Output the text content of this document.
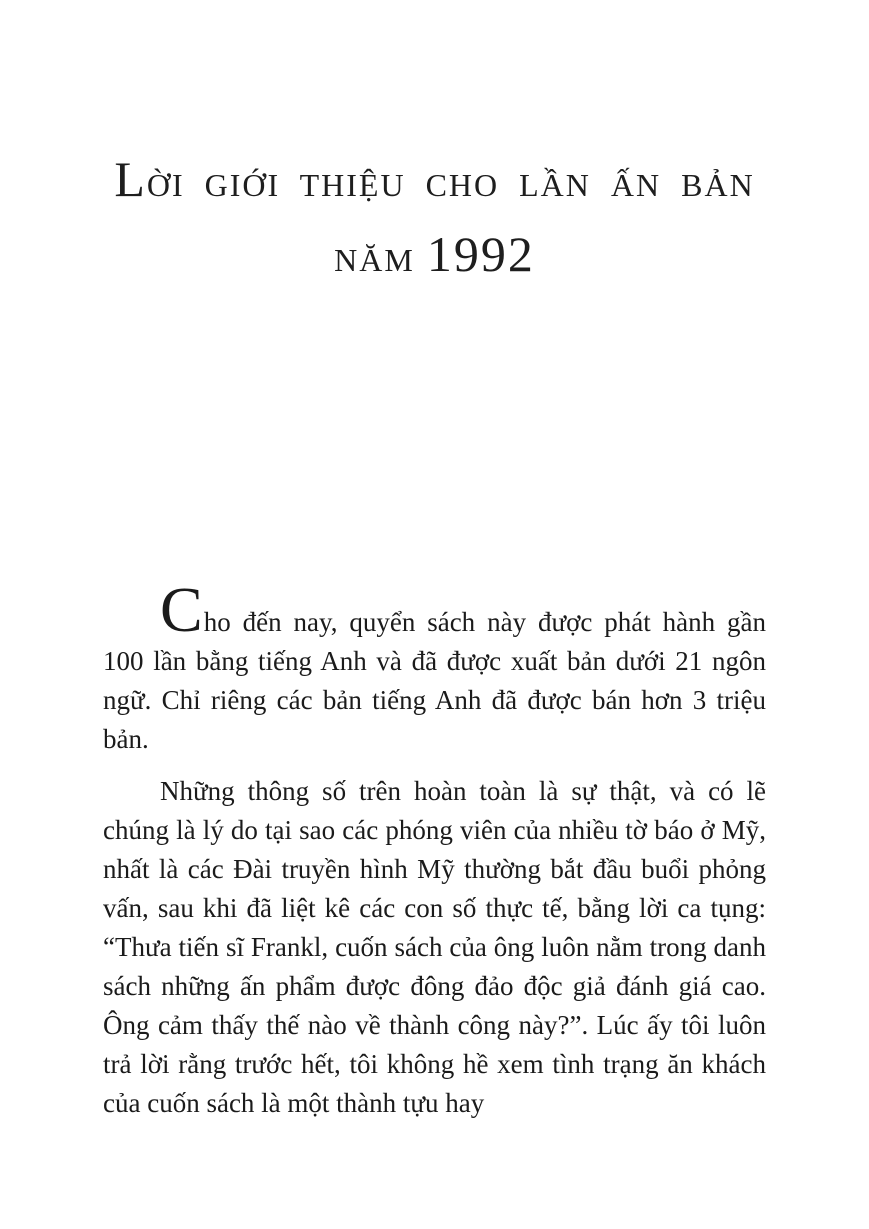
LỜI GIỚI THIỆU CHO LẦN ẤN BẢN
NĂM 1992

Cho đến nay, quyển sách này được phát hành gần 100 lần bằng tiếng Anh và đã được xuất bản dưới 21 ngôn ngữ. Chỉ riêng các bản tiếng Anh đã được bán hơn 3 triệu bản.

Những thông số trên hoàn toàn là sự thật, và có lẽ chúng là lý do tại sao các phóng viên của nhiều tờ báo ở Mỹ, nhất là các Đài truyền hình Mỹ thường bắt đầu buổi phỏng vấn, sau khi đã liệt kê các con số thực tế, bằng lời ca tụng: “Thưa tiến sĩ Frankl, cuốn sách của ông luôn nằm trong danh sách những ấn phẩm được đông đảo độc giả đánh giá cao. Ông cảm thấy thế nào về thành công này?”. Lúc ấy tôi luôn trả lời rằng trước hết, tôi không hề xem tình trạng ăn khách của cuốn sách là một thành tựu hay
